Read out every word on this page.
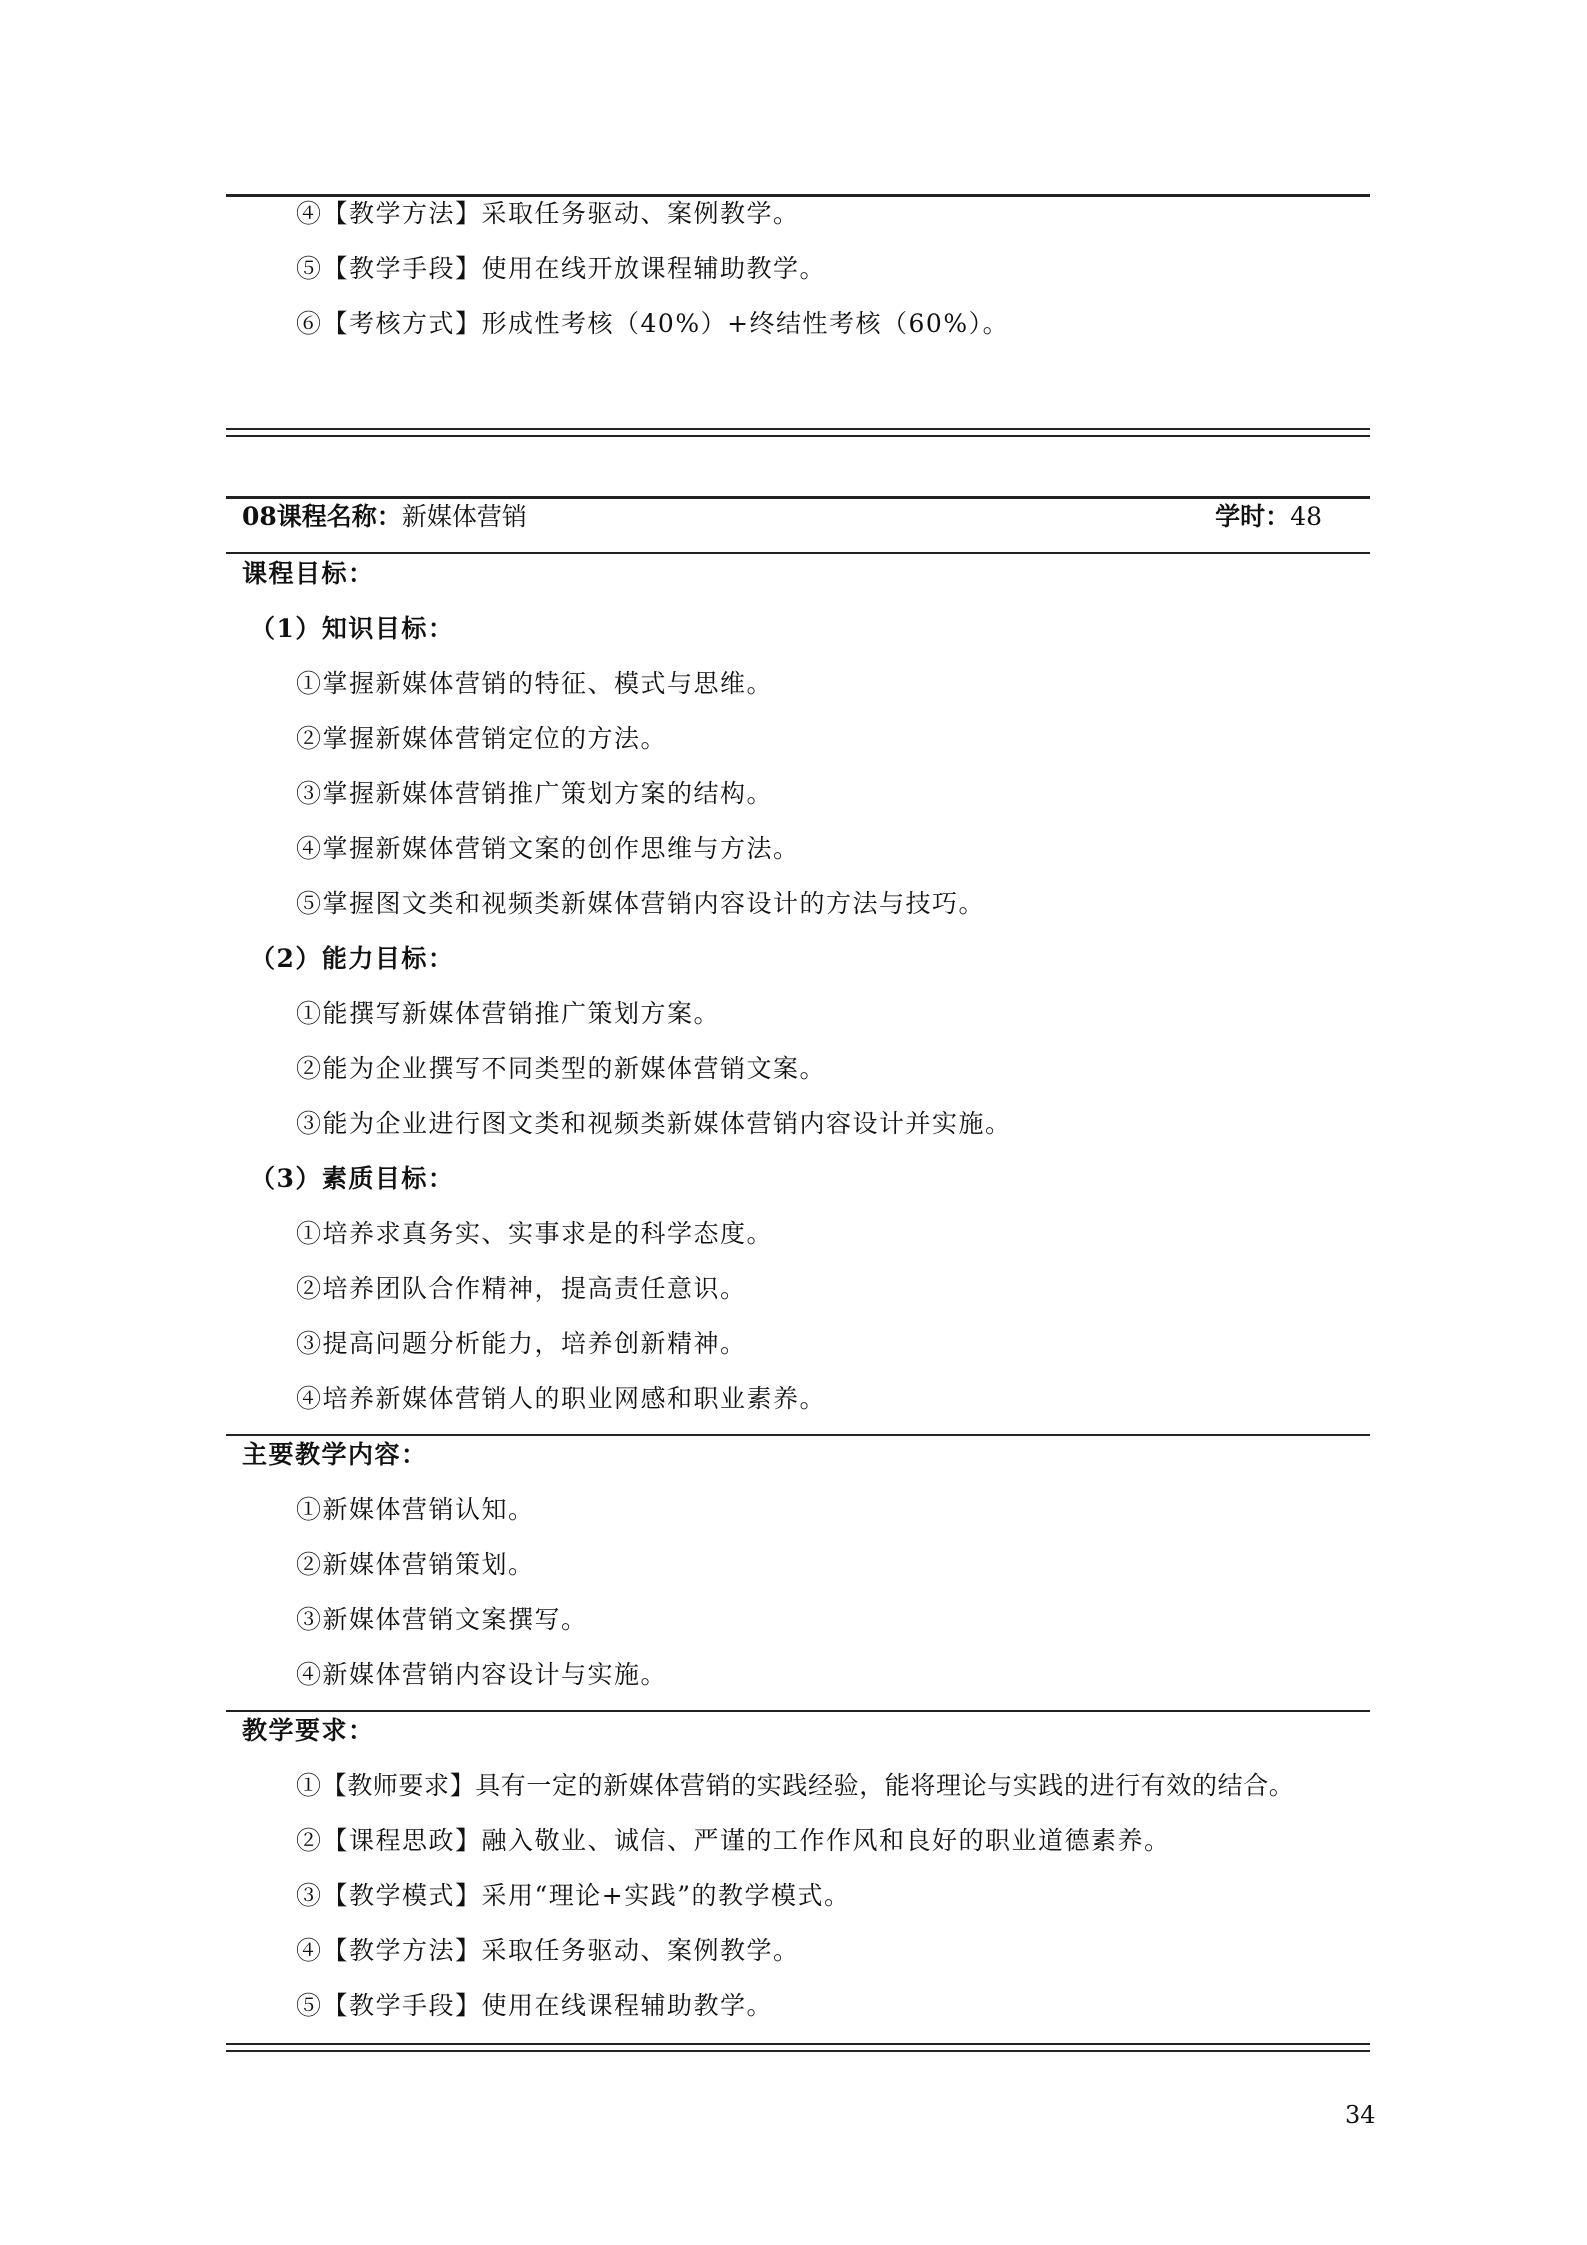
④【教学方法】采取任务驱动、案例教学。
⑤【教学手段】使用在线开放课程辅助教学。
⑥【考核方式】形成性考核（40%）+终结性考核（60%）。
08课程名称：新媒体营销	学时：48
课程目标：
（1）知识目标：
①掌握新媒体营销的特征、模式与思维。
②掌握新媒体营销定位的方法。
③掌握新媒体营销推广策划方案的结构。
④掌握新媒体营销文案的创作思维与方法。
⑤掌握图文类和视频类新媒体营销内容设计的方法与技巧。
（2）能力目标：
①能撰写新媒体营销推广策划方案。
②能为企业撰写不同类型的新媒体营销文案。
③能为企业进行图文类和视频类新媒体营销内容设计并实施。
（3）素质目标：
①培养求真务实、实事求是的科学态度。
②培养团队合作精神，提高责任意识。
③提高问题分析能力，培养创新精神。
④培养新媒体营销人的职业网感和职业素养。
主要教学内容：
①新媒体营销认知。
②新媒体营销策划。
③新媒体营销文案撰写。
④新媒体营销内容设计与实施。
教学要求：
①【教师要求】具有一定的新媒体营销的实践经验，能将理论与实践的进行有效的结合。
②【课程思政】融入敬业、诚信、严谨的工作作风和良好的职业道德素养。
③【教学模式】采用“理论+实践”的教学模式。
④【教学方法】采取任务驱动、案例教学。
⑤【教学手段】使用在线课程辅助教学。
34
